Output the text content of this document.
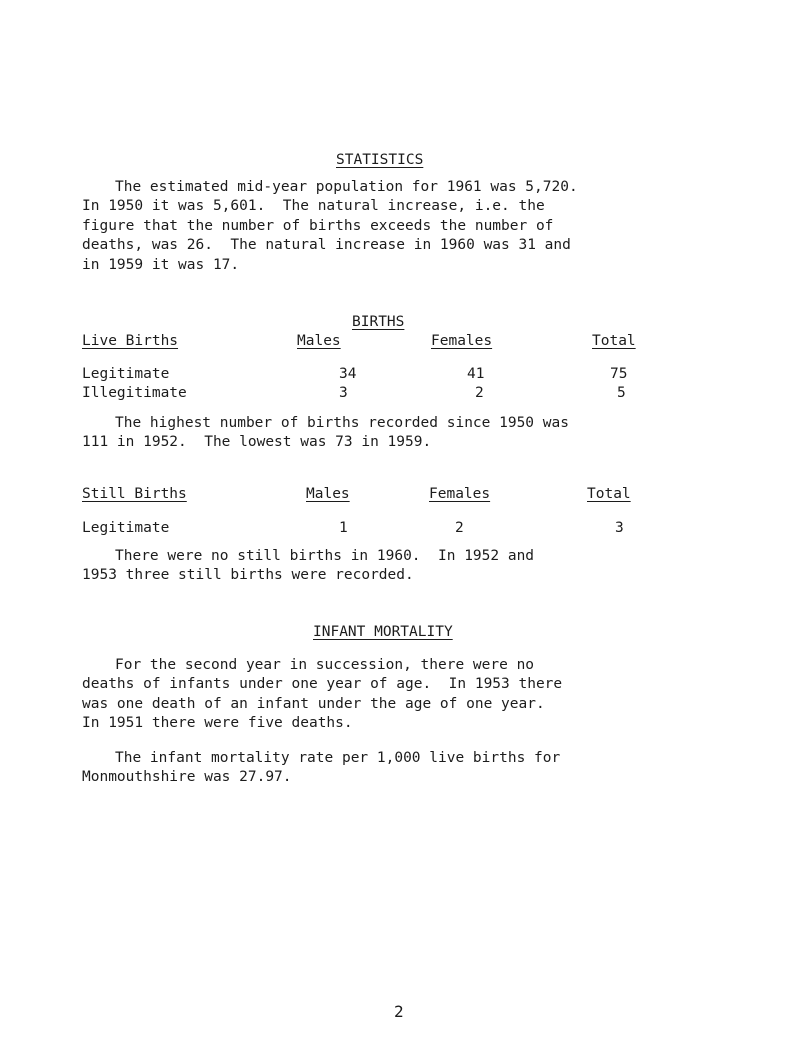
STATISTICS
The estimated mid-year population for 1961 was 5,720.
In 1950 it was 5,601.  The natural increase, i.e. the
figure that the number of births exceeds the number of
deaths, was 26.  The natural increase in 1960 was 31 and
in 1959 it was 17.
BIRTHS
Live Births	Males	Females	Total
Legitimate	34	41	75
Illegitimate	3	2	5
The highest number of births recorded since 1950 was
111 in 1952.  The lowest was 73 in 1959.
Still Births	Males	Females	Total
Legitimate	1	2	3
There were no still births in 1960.  In 1952 and
1953 three still births were recorded.
INFANT MORTALITY
For the second year in succession, there were no
deaths of infants under one year of age.  In 1953 there
was one death of an infant under the age of one year.
In 1951 there were five deaths.
The infant mortality rate per 1,000 live births for
Monmouthshire was 27.97.
2
